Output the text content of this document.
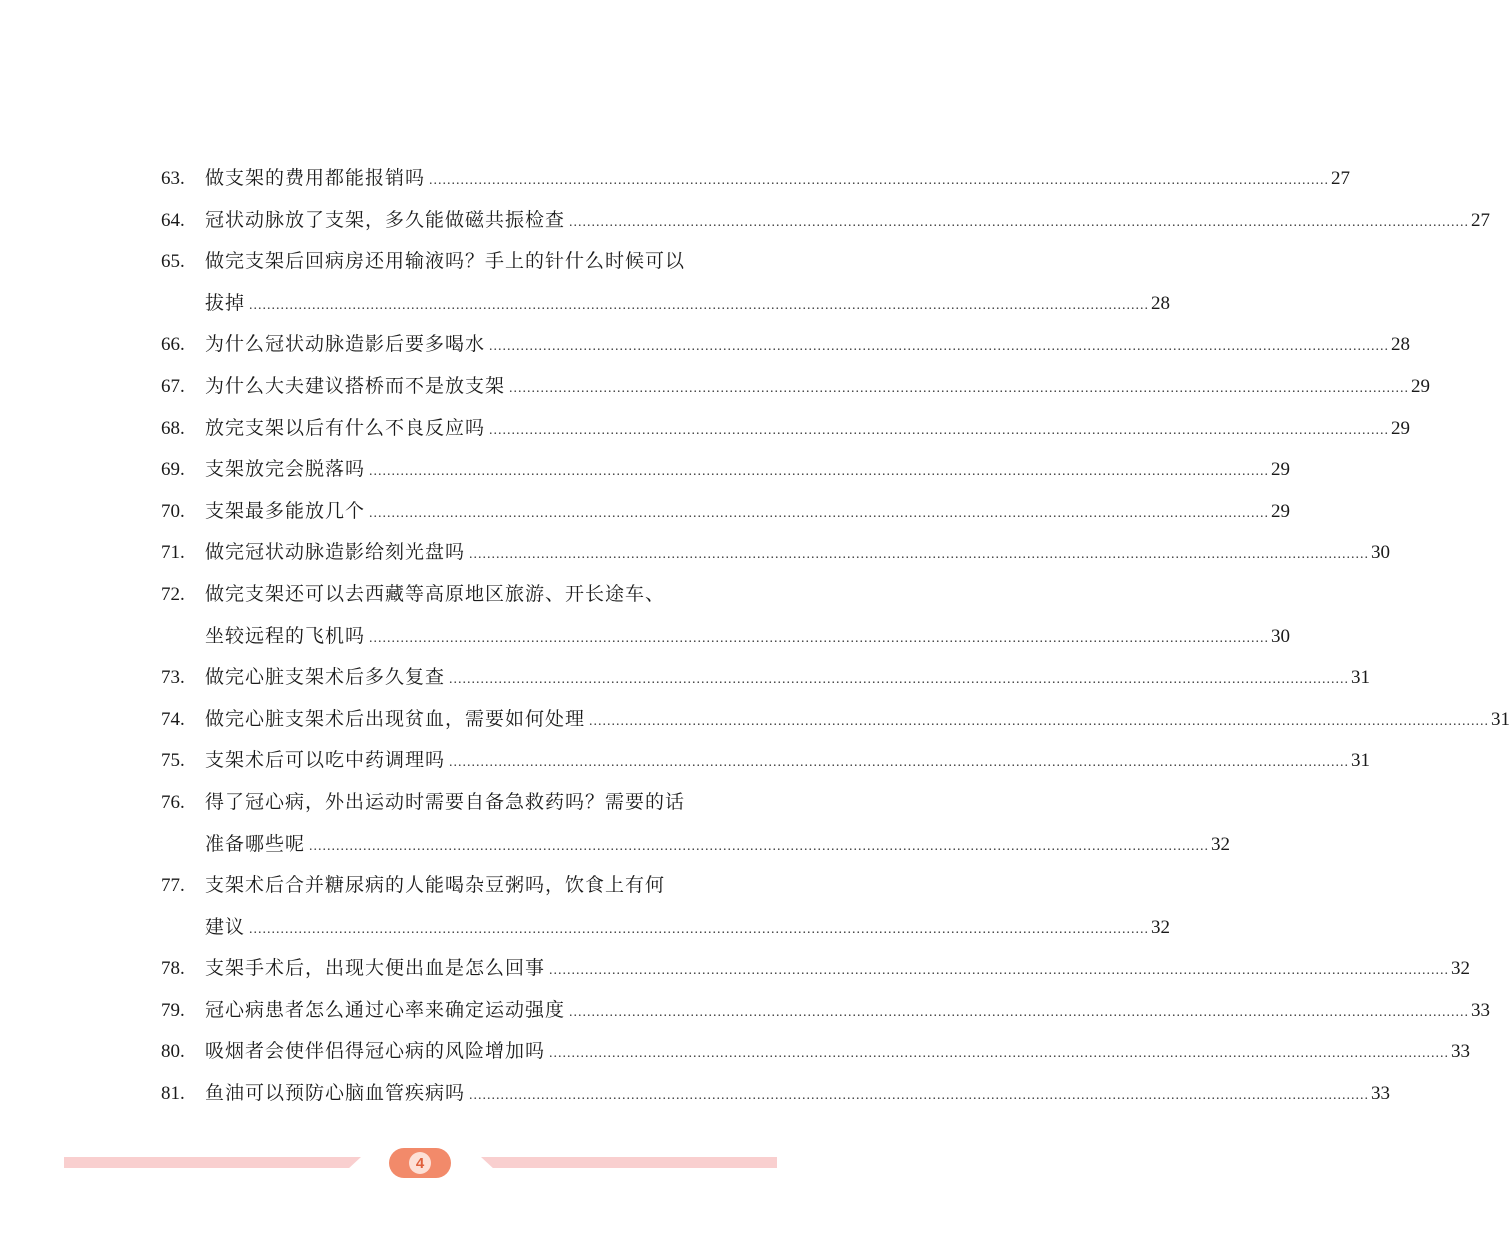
63.	做支架的费用都能报销吗 ........................................................................................................................................................................................................ 27
64.	冠状动脉放了支架，多久能做磁共振检查 ........................................................................................................................................................................................................ 27
65.	做完支架后回病房还用输液吗？手上的针什么时候可以
拔掉 ........................................................................................................................................................................................................ 28
66.	为什么冠状动脉造影后要多喝水 ........................................................................................................................................................................................................ 28
67.	为什么大夫建议搭桥而不是放支架 ........................................................................................................................................................................................................ 29
68.	放完支架以后有什么不良反应吗 ........................................................................................................................................................................................................ 29
69.	支架放完会脱落吗 ........................................................................................................................................................................................................ 29
70.	支架最多能放几个 ........................................................................................................................................................................................................ 29
71.	做完冠状动脉造影给刻光盘吗 ........................................................................................................................................................................................................ 30
72.	做完支架还可以去西藏等高原地区旅游、开长途车、
坐较远程的飞机吗 ........................................................................................................................................................................................................ 30
73.	做完心脏支架术后多久复查 ........................................................................................................................................................................................................ 31
74.	做完心脏支架术后出现贫血，需要如何处理 ........................................................................................................................................................................................................ 31
75.	支架术后可以吃中药调理吗 ........................................................................................................................................................................................................ 31
76.	得了冠心病，外出运动时需要自备急救药吗？需要的话
准备哪些呢 ........................................................................................................................................................................................................ 32
77.	支架术后合并糖尿病的人能喝杂豆粥吗，饮食上有何
建议 ........................................................................................................................................................................................................ 32
78.	支架手术后，出现大便出血是怎么回事 ........................................................................................................................................................................................................ 32
79.	冠心病患者怎么通过心率来确定运动强度 ........................................................................................................................................................................................................ 33
80.	吸烟者会使伴侣得冠心病的风险增加吗 ........................................................................................................................................................................................................ 33
81.	鱼油可以预防心脑血管疾病吗 ........................................................................................................................................................................................................ 33
4
